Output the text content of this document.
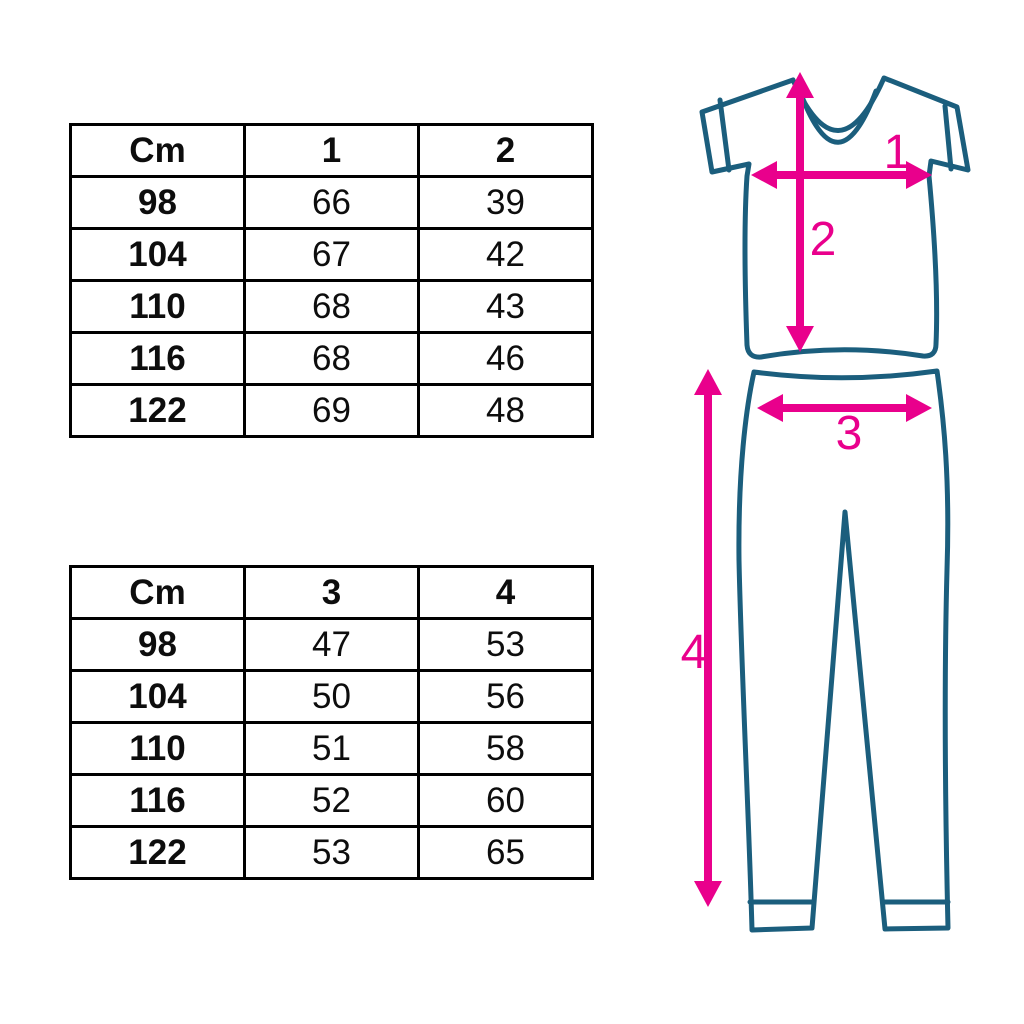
Cm	1	2
98	66	39
104	67	42
110	68	43
116	68	46
122	69	48
Cm	3	4
98	47	53
104	50	56
110	51	58
116	52	60
122	53	65
1
2
3
4
